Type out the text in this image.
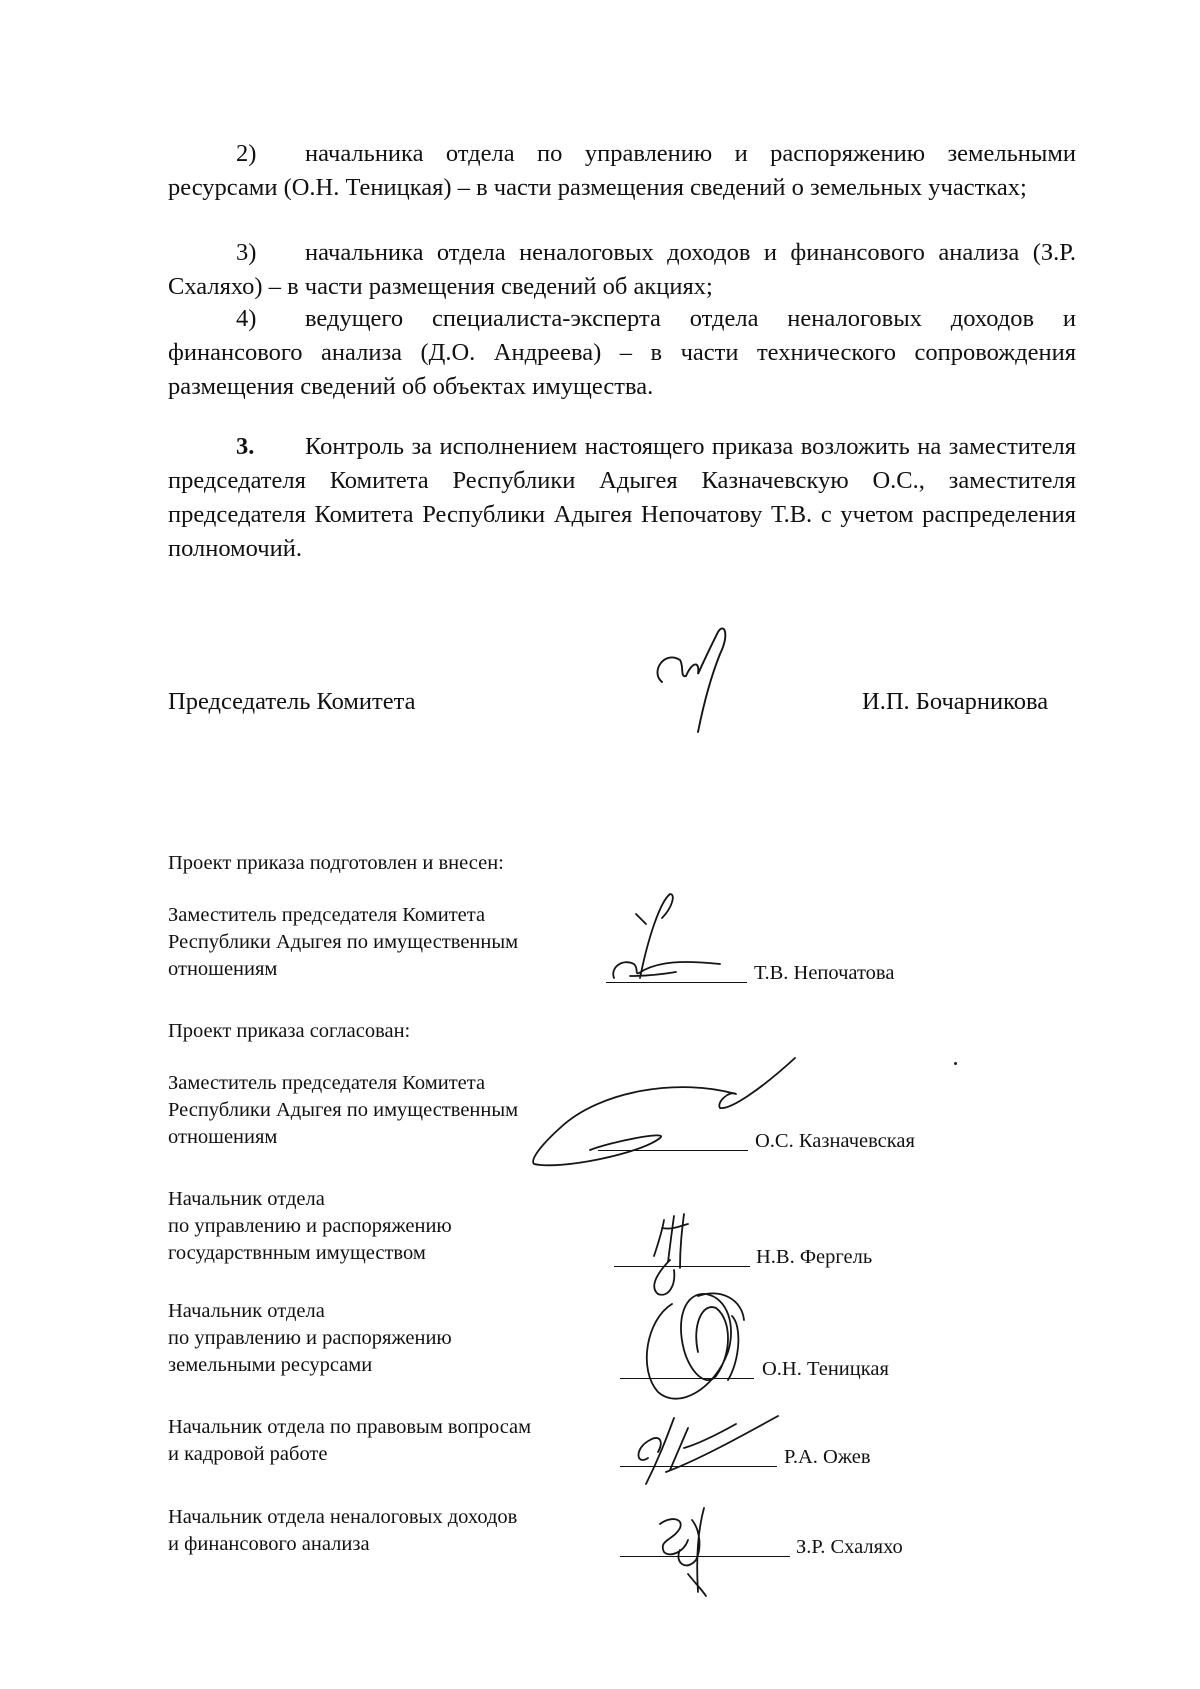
2) начальника отдела по управлению и распоряжению земельными ресурсами (О.Н. Теницкая) – в части размещения сведений о земельных участках;
3) начальника отдела неналоговых доходов и финансового анализа (З.Р. Схаляхо) – в части размещения сведений об акциях;
4) ведущего специалиста-эксперта отдела неналоговых доходов и финансового анализа (Д.О. Андреева) – в части технического сопровождения размещения сведений об объектах имущества.
3. Контроль за исполнением настоящего приказа возложить на заместителя председателя Комитета Республики Адыгея Казначевскую О.С., заместителя председателя Комитета Республики Адыгея Непочатову Т.В. с учетом распределения полномочий.
Председатель Комитета	И.П. Бочарникова
Проект приказа подготовлен и внесен:
Заместитель председателя Комитета
Республики Адыгея по имущественным
отношениям	Т.В. Непочатова
Проект приказа согласован:
Заместитель председателя Комитета
Республики Адыгея по имущественным
отношениям	О.С. Казначевская
Начальник отдела
по управлению и распоряжению
государствнным имуществом	Н.В. Фергель
Начальник отдела
по управлению и распоряжению
земельными ресурсами	О.Н. Теницкая
Начальник отдела по правовым вопросам
и кадровой работе	Р.А. Ожев
Начальник отдела неналоговых доходов
и финансового анализа	З.Р. Схаляхо
